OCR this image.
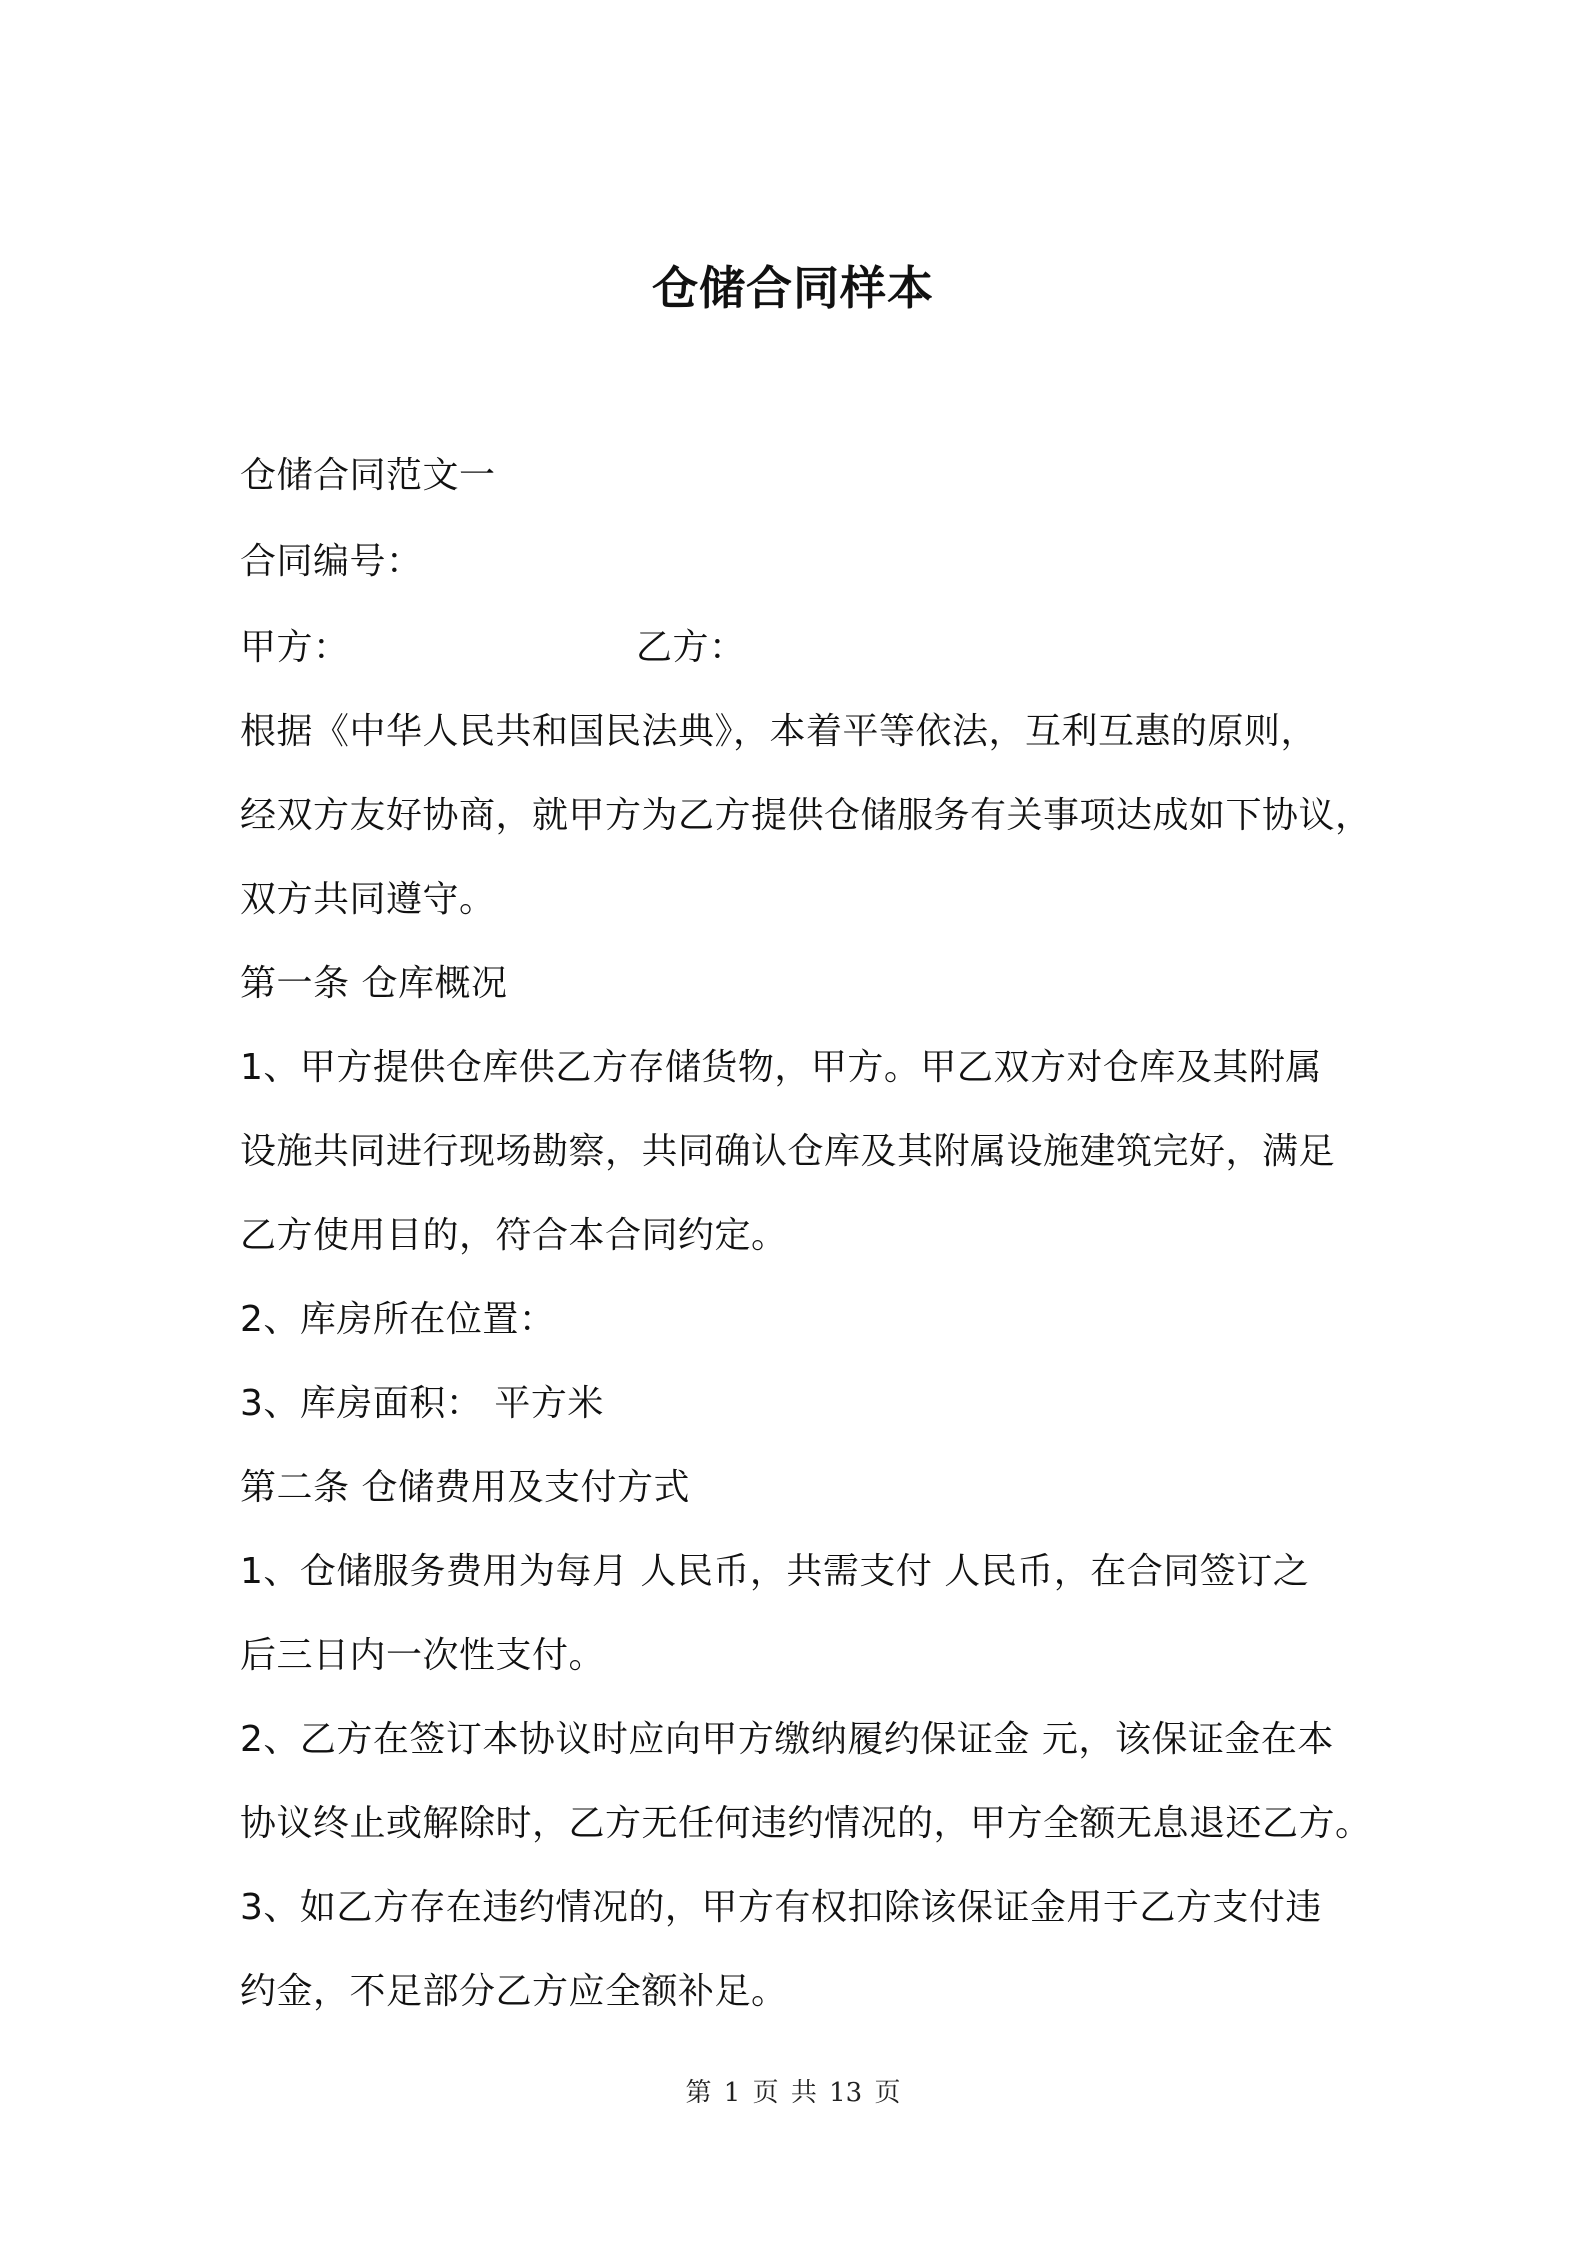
仓储合同样本
仓储合同范文一
合同编号：
甲方：	乙方：
根据《中华人民共和国民法典》，本着平等依法，互利互惠的原则，
经双方友好协商，就甲方为乙方提供仓储服务有关事项达成如下协议，
双方共同遵守。
第一条 仓库概况
1、甲方提供仓库供乙方存储货物，甲方。甲乙双方对仓库及其附属
设施共同进行现场勘察，共同确认仓库及其附属设施建筑完好，满足
乙方使用目的，符合本合同约定。
2、库房所在位置：
3、库房面积： 平方米
第二条 仓储费用及支付方式
1、仓储服务费用为每月 人民币，共需支付 人民币，在合同签订之
后三日内一次性支付。
2、乙方在签订本协议时应向甲方缴纳履约保证金 元，该保证金在本
协议终止或解除时，乙方无任何违约情况的，甲方全额无息退还乙方。
3、如乙方存在违约情况的，甲方有权扣除该保证金用于乙方支付违
约金，不足部分乙方应全额补足。
第 1 页 共 13 页
